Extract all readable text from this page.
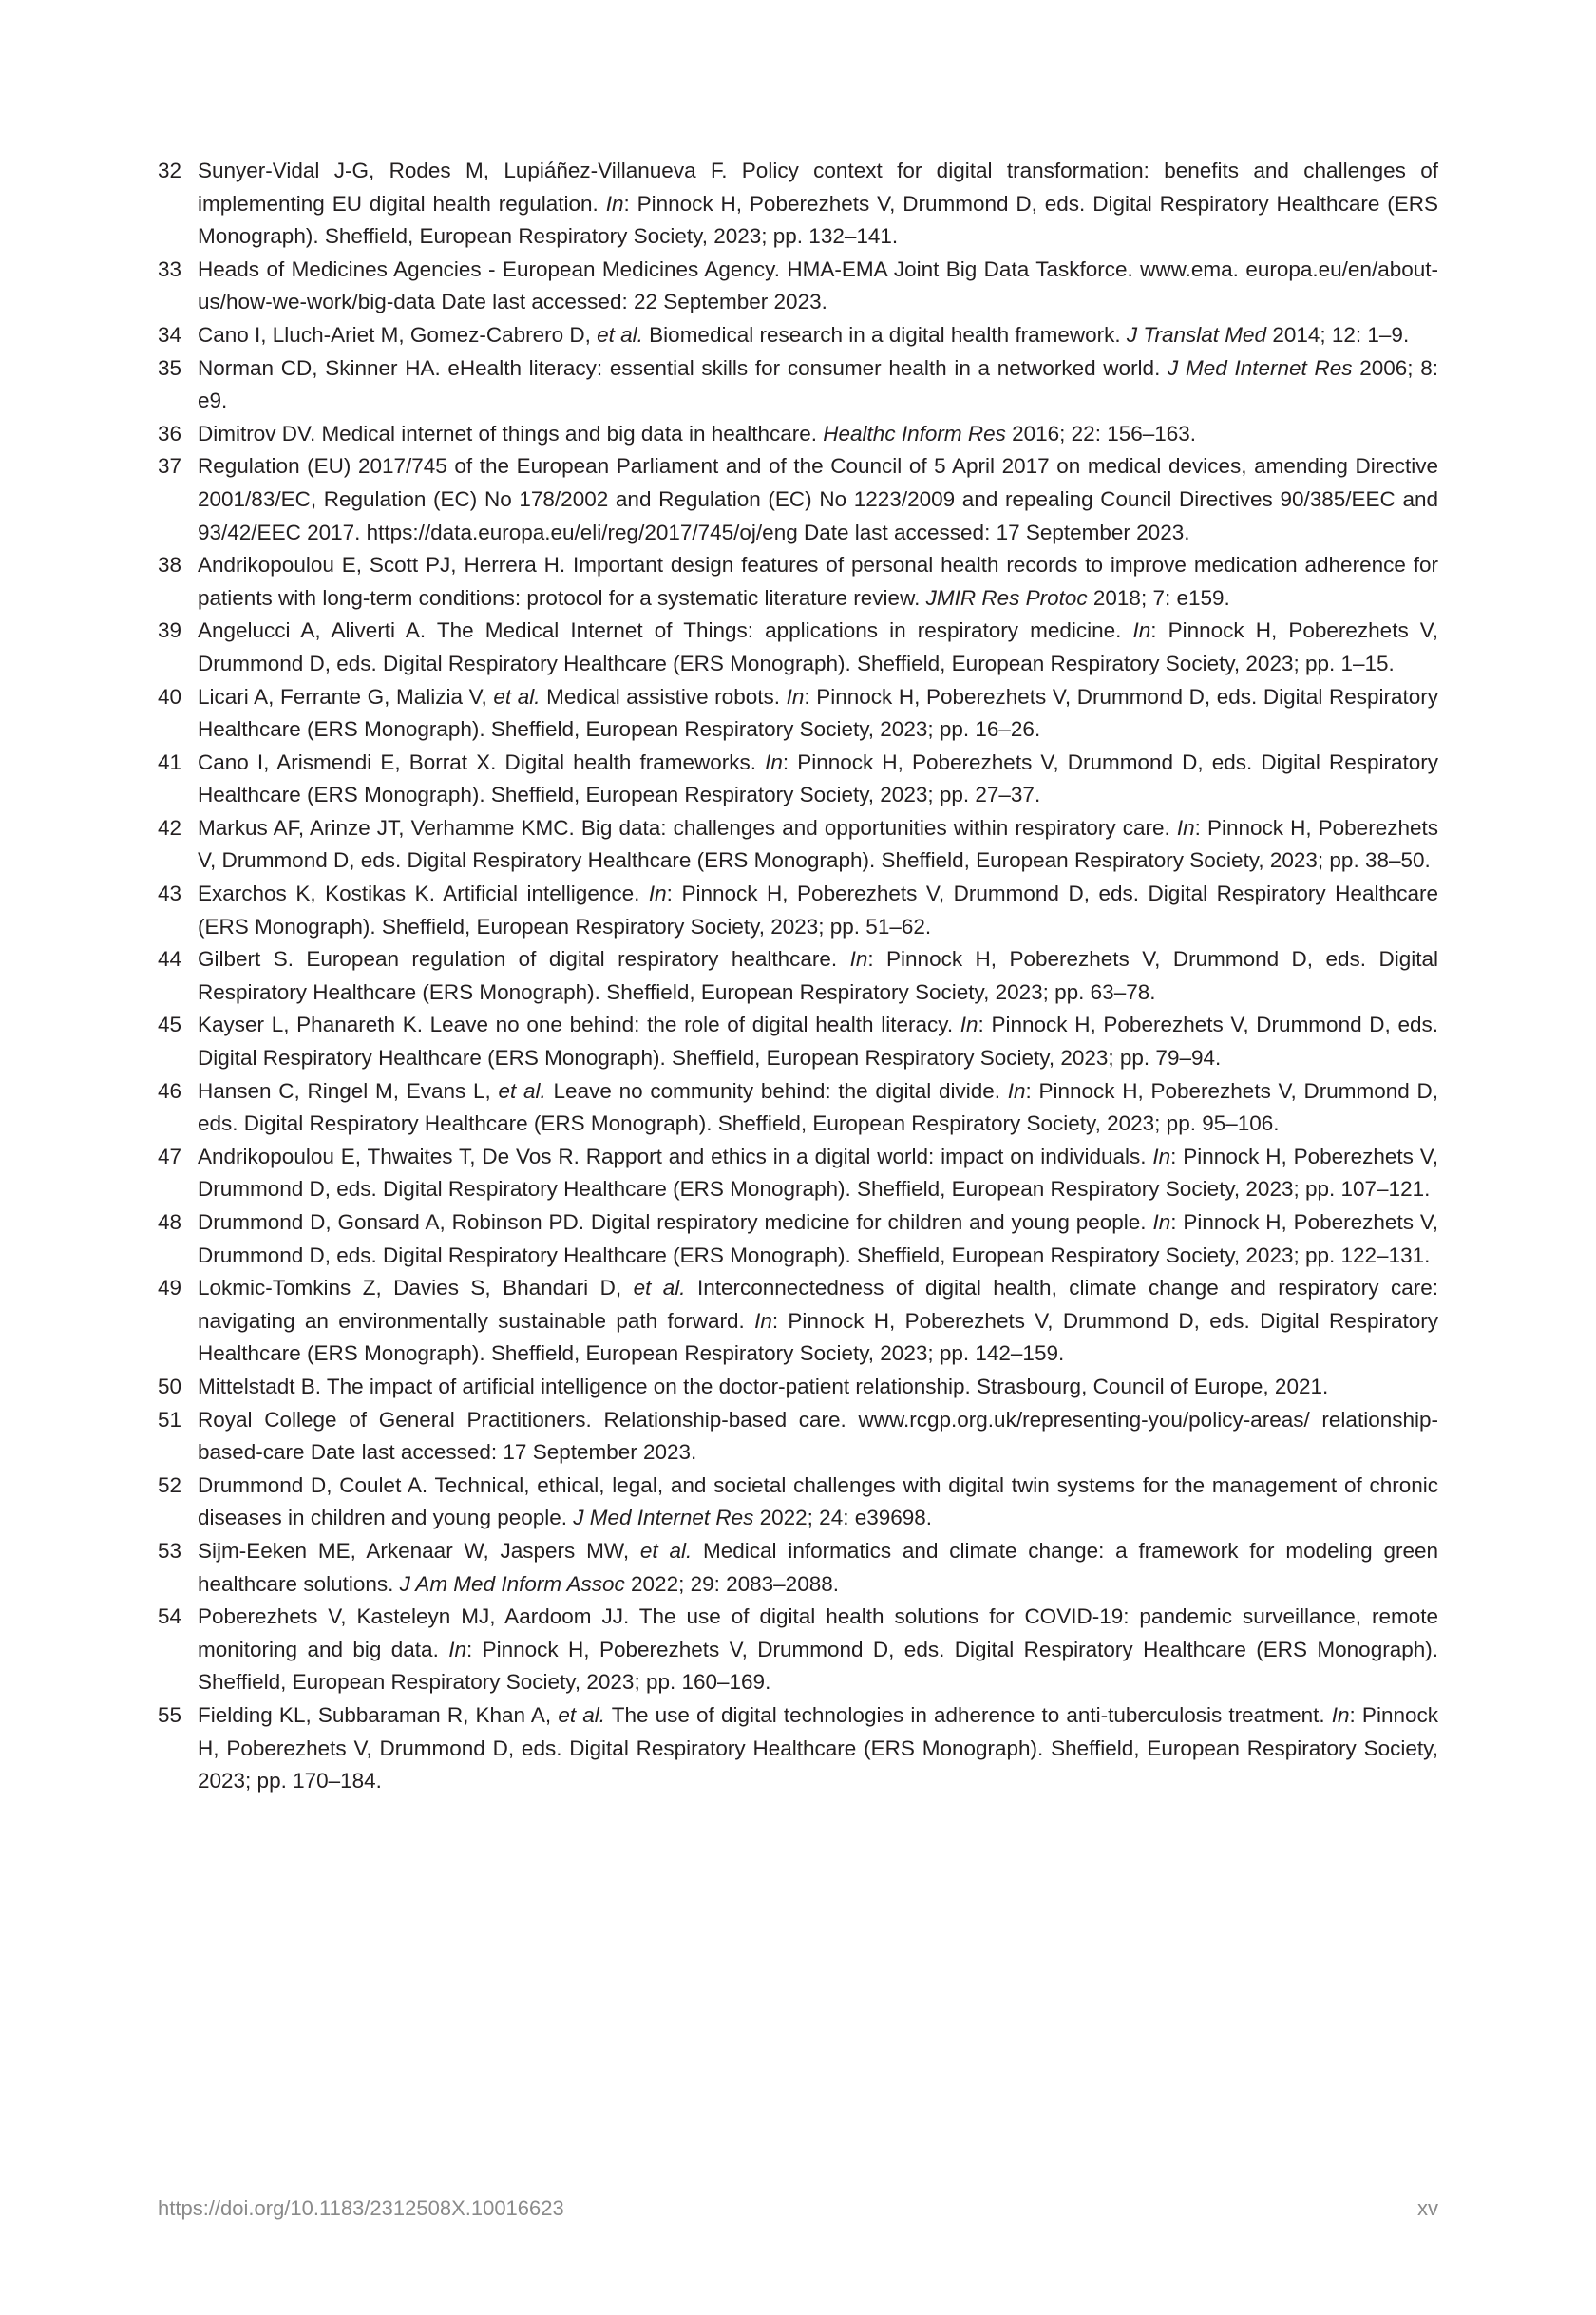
32 Sunyer-Vidal J-G, Rodes M, Lupiáñez-Villanueva F. Policy context for digital transformation: benefits and challenges of implementing EU digital health regulation. In: Pinnock H, Poberezhets V, Drummond D, eds. Digital Respiratory Healthcare (ERS Monograph). Sheffield, European Respiratory Society, 2023; pp. 132–141.
33 Heads of Medicines Agencies - European Medicines Agency. HMA-EMA Joint Big Data Taskforce. www.ema. europa.eu/en/about-us/how-we-work/big-data Date last accessed: 22 September 2023.
34 Cano I, Lluch-Ariet M, Gomez-Cabrero D, et al. Biomedical research in a digital health framework. J Translat Med 2014; 12: 1–9.
35 Norman CD, Skinner HA. eHealth literacy: essential skills for consumer health in a networked world. J Med Internet Res 2006; 8: e9.
36 Dimitrov DV. Medical internet of things and big data in healthcare. Healthc Inform Res 2016; 22: 156–163.
37 Regulation (EU) 2017/745 of the European Parliament and of the Council of 5 April 2017 on medical devices, amending Directive 2001/83/EC, Regulation (EC) No 178/2002 and Regulation (EC) No 1223/2009 and repealing Council Directives 90/385/EEC and 93/42/EEC 2017. https://data.europa.eu/eli/reg/2017/745/oj/eng Date last accessed: 17 September 2023.
38 Andrikopoulou E, Scott PJ, Herrera H. Important design features of personal health records to improve medication adherence for patients with long-term conditions: protocol for a systematic literature review. JMIR Res Protoc 2018; 7: e159.
39 Angelucci A, Aliverti A. The Medical Internet of Things: applications in respiratory medicine. In: Pinnock H, Poberezhets V, Drummond D, eds. Digital Respiratory Healthcare (ERS Monograph). Sheffield, European Respiratory Society, 2023; pp. 1–15.
40 Licari A, Ferrante G, Malizia V, et al. Medical assistive robots. In: Pinnock H, Poberezhets V, Drummond D, eds. Digital Respiratory Healthcare (ERS Monograph). Sheffield, European Respiratory Society, 2023; pp. 16–26.
41 Cano I, Arismendi E, Borrat X. Digital health frameworks. In: Pinnock H, Poberezhets V, Drummond D, eds. Digital Respiratory Healthcare (ERS Monograph). Sheffield, European Respiratory Society, 2023; pp. 27–37.
42 Markus AF, Arinze JT, Verhamme KMC. Big data: challenges and opportunities within respiratory care. In: Pinnock H, Poberezhets V, Drummond D, eds. Digital Respiratory Healthcare (ERS Monograph). Sheffield, European Respiratory Society, 2023; pp. 38–50.
43 Exarchos K, Kostikas K. Artificial intelligence. In: Pinnock H, Poberezhets V, Drummond D, eds. Digital Respiratory Healthcare (ERS Monograph). Sheffield, European Respiratory Society, 2023; pp. 51–62.
44 Gilbert S. European regulation of digital respiratory healthcare. In: Pinnock H, Poberezhets V, Drummond D, eds. Digital Respiratory Healthcare (ERS Monograph). Sheffield, European Respiratory Society, 2023; pp. 63–78.
45 Kayser L, Phanareth K. Leave no one behind: the role of digital health literacy. In: Pinnock H, Poberezhets V, Drummond D, eds. Digital Respiratory Healthcare (ERS Monograph). Sheffield, European Respiratory Society, 2023; pp. 79–94.
46 Hansen C, Ringel M, Evans L, et al. Leave no community behind: the digital divide. In: Pinnock H, Poberezhets V, Drummond D, eds. Digital Respiratory Healthcare (ERS Monograph). Sheffield, European Respiratory Society, 2023; pp. 95–106.
47 Andrikopoulou E, Thwaites T, De Vos R. Rapport and ethics in a digital world: impact on individuals. In: Pinnock H, Poberezhets V, Drummond D, eds. Digital Respiratory Healthcare (ERS Monograph). Sheffield, European Respiratory Society, 2023; pp. 107–121.
48 Drummond D, Gonsard A, Robinson PD. Digital respiratory medicine for children and young people. In: Pinnock H, Poberezhets V, Drummond D, eds. Digital Respiratory Healthcare (ERS Monograph). Sheffield, European Respiratory Society, 2023; pp. 122–131.
49 Lokmic-Tomkins Z, Davies S, Bhandari D, et al. Interconnectedness of digital health, climate change and respiratory care: navigating an environmentally sustainable path forward. In: Pinnock H, Poberezhets V, Drummond D, eds. Digital Respiratory Healthcare (ERS Monograph). Sheffield, European Respiratory Society, 2023; pp. 142–159.
50 Mittelstadt B. The impact of artificial intelligence on the doctor-patient relationship. Strasbourg, Council of Europe, 2021.
51 Royal College of General Practitioners. Relationship-based care. www.rcgp.org.uk/representing-you/policy-areas/ relationship-based-care Date last accessed: 17 September 2023.
52 Drummond D, Coulet A. Technical, ethical, legal, and societal challenges with digital twin systems for the management of chronic diseases in children and young people. J Med Internet Res 2022; 24: e39698.
53 Sijm-Eeken ME, Arkenaar W, Jaspers MW, et al. Medical informatics and climate change: a framework for modeling green healthcare solutions. J Am Med Inform Assoc 2022; 29: 2083–2088.
54 Poberezhets V, Kasteleyn MJ, Aardoom JJ. The use of digital health solutions for COVID-19: pandemic surveillance, remote monitoring and big data. In: Pinnock H, Poberezhets V, Drummond D, eds. Digital Respiratory Healthcare (ERS Monograph). Sheffield, European Respiratory Society, 2023; pp. 160–169.
55 Fielding KL, Subbaraman R, Khan A, et al. The use of digital technologies in adherence to anti-tuberculosis treatment. In: Pinnock H, Poberezhets V, Drummond D, eds. Digital Respiratory Healthcare (ERS Monograph). Sheffield, European Respiratory Society, 2023; pp. 170–184.
https://doi.org/10.1183/2312508X.10016623	xv
